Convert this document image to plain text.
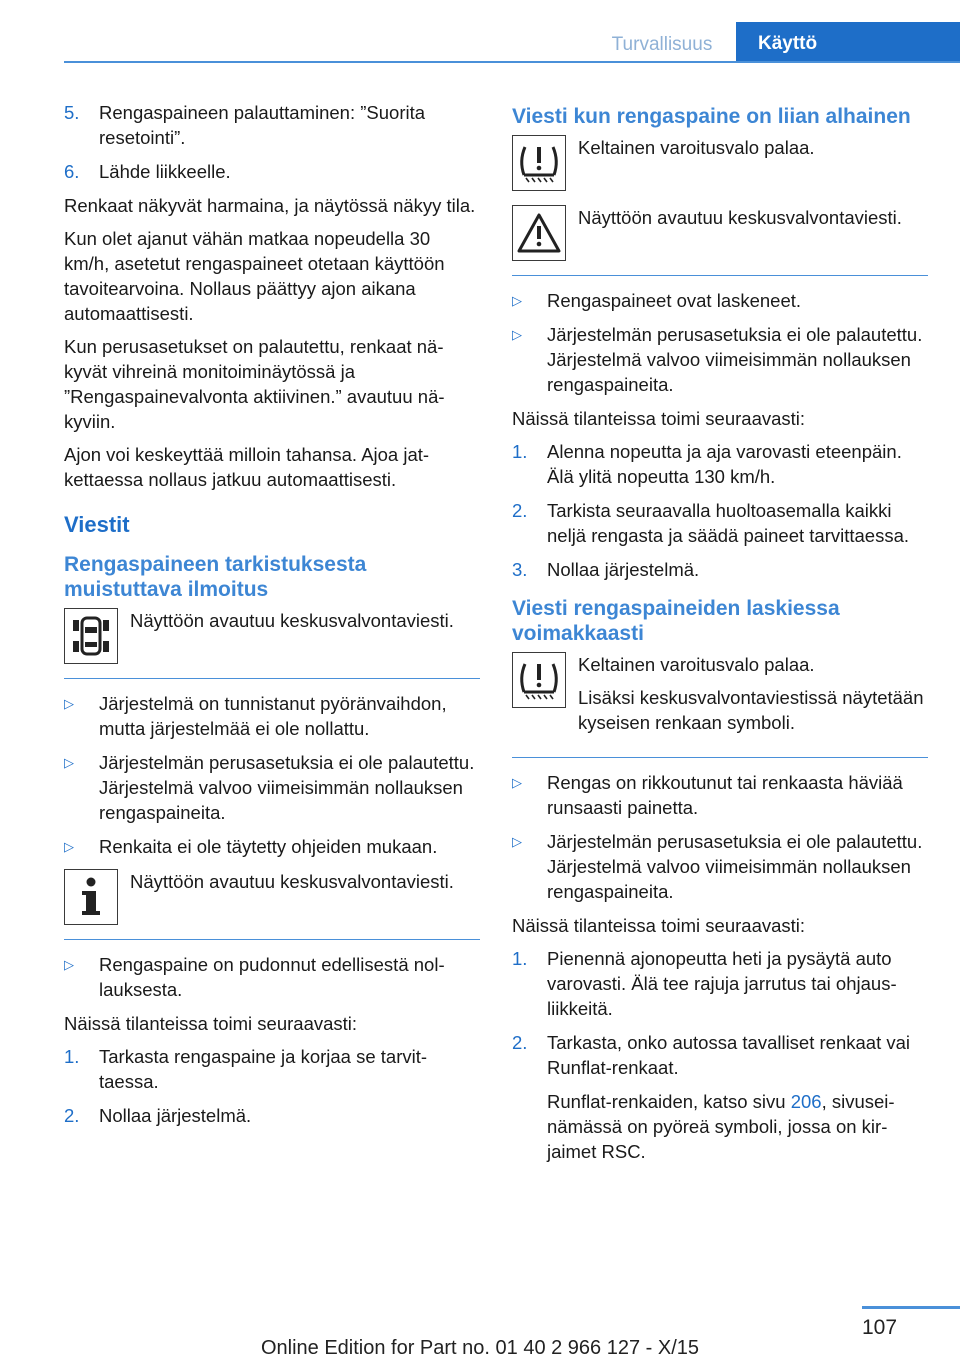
Turvallisuus	Käyttö
5. Rengaspaineen palauttaminen: ”Suorita resetointi”.
6. Lähde liikkeelle.

Renkaat näkyvät harmaina, ja näytössä näkyy tila.

Kun olet ajanut vähän matkaa nopeudella 30 km/h, asetetut rengaspaineet otetaan käyttöön tavoitearvoina. Nollaus päättyy ajon aikana automaattisesti.

Kun perusasetukset on palautettu, renkaat näkyvät vihreinä monitoiminäytössä ja ”Rengaspainevalvonta aktiivinen.” avautuu näkyviin.

Ajon voi keskeyttää milloin tahansa. Ajoa jatkettaessa nollaus jatkuu automaattisesti.

Viestit
Rengaspaineen tarkistuksesta muistuttava ilmoitus

Näyttöön avautuu keskusvalvontaviesti.

▷ Järjestelmä on tunnistanut pyöränvaihdon, mutta järjestelmää ei ole nollattu.
▷ Järjestelmän perusasetuksia ei ole palautettu. Järjestelmä valvoo viimeisimmän nollauksen rengaspaineita.
▷ Renkaita ei ole täytetty ohjeiden mukaan.

Näyttöön avautuu keskusvalvontaviesti.

▷ Rengaspaine on pudonnut edellisestä nollauksesta.

Näissä tilanteissa toimi seuraavasti:

1. Tarkasta rengaspaine ja korjaa se tarvittaessa.
2. Nollaa järjestelmä.
Viesti kun rengaspaine on liian alhainen

Keltainen varoitusvalo palaa.

Näyttöön avautuu keskusvalvontaviesti.

▷ Rengaspaineet ovat laskeneet.
▷ Järjestelmän perusasetuksia ei ole palautettu. Järjestelmä valvoo viimeisimmän nollauksen rengaspaineita.

Näissä tilanteissa toimi seuraavasti:

1. Alenna nopeutta ja aja varovasti eteenpäin. Älä ylitä nopeutta 130 km/h.
2. Tarkista seuraavalla huoltoasemalla kaikki neljä rengasta ja säädä paineet tarvittaessa.
3. Nollaa järjestelmä.
Viesti rengaspaineiden laskiessa voimakkaasti

Keltainen varoitusvalo palaa.

Lisäksi keskusvalvontaviestissä näytetään kyseisen renkaan symboli.

▷ Rengas on rikkoutunut tai renkaasta häviää runsaasti painetta.
▷ Järjestelmän perusasetuksia ei ole palautettu. Järjestelmä valvoo viimeisimmän nollauksen rengaspaineita.

Näissä tilanteissa toimi seuraavasti:

1. Pienennä ajonopeutta heti ja pysäytä auto varovasti. Älä tee rajuja jarrutus tai ohjausliikkeitä.
2. Tarkasta, onko autossa tavalliset renkaat vai Runflat-renkaat.

Runflat-renkaiden, katso sivu 206, sivuseinämässä on pyöreä symboli, jossa on kirjaimet RSC.

107
Online Edition for Part no. 01 40 2 966 127 - X/15
